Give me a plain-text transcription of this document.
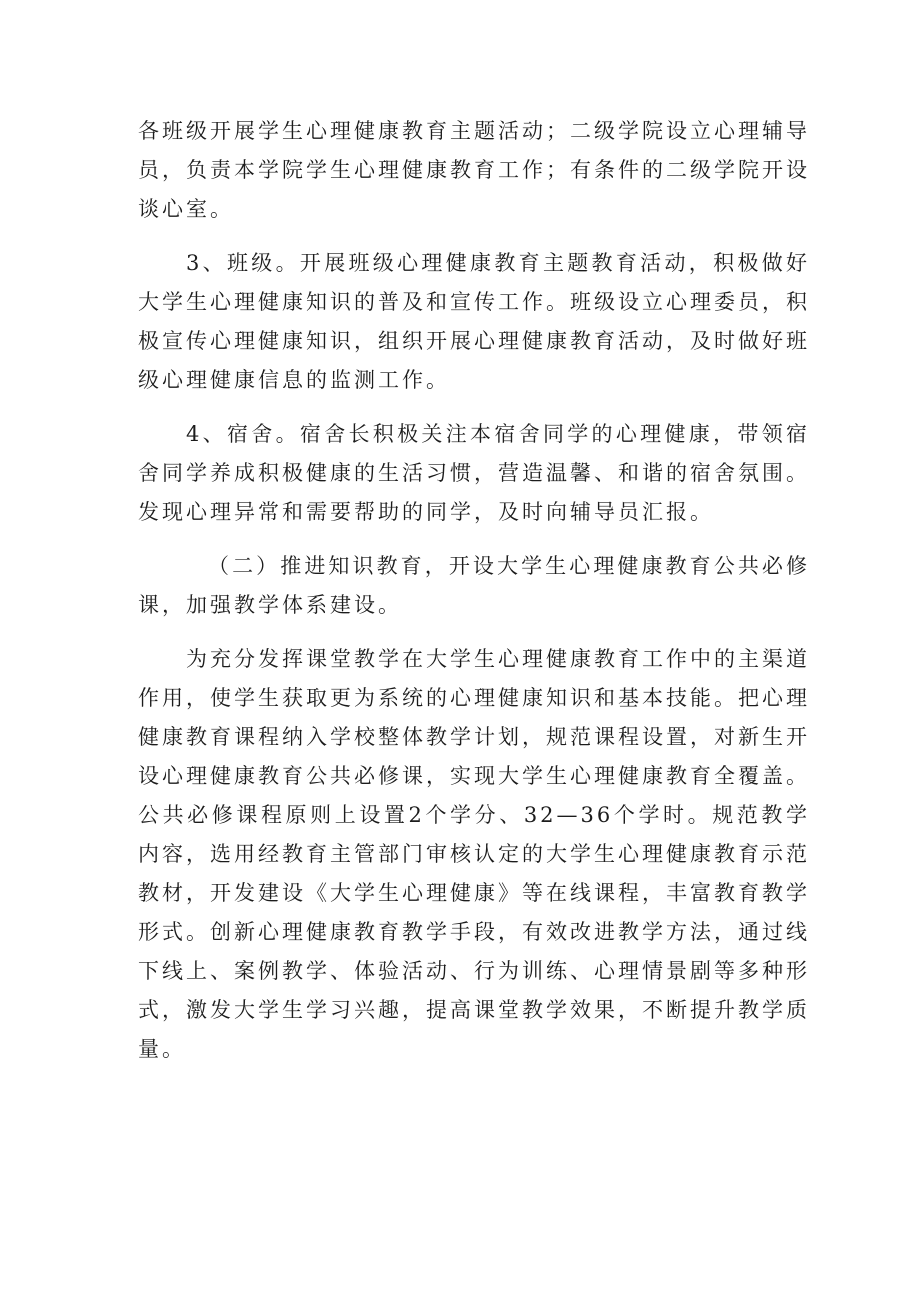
各班级开展学生心理健康教育主题活动；二级学院设立心理辅导员，负责本学院学生心理健康教育工作；有条件的二级学院开设谈心室。

3、班级。开展班级心理健康教育主题教育活动，积极做好大学生心理健康知识的普及和宣传工作。班级设立心理委员，积极宣传心理健康知识，组织开展心理健康教育活动，及时做好班级心理健康信息的监测工作。

4、宿舍。宿舍长积极关注本宿舍同学的心理健康，带领宿舍同学养成积极健康的生活习惯，营造温馨、和谐的宿舍氛围。发现心理异常和需要帮助的同学，及时向辅导员汇报。

（二）推进知识教育，开设大学生心理健康教育公共必修课，加强教学体系建设。

为充分发挥课堂教学在大学生心理健康教育工作中的主渠道作用，使学生获取更为系统的心理健康知识和基本技能。把心理健康教育课程纳入学校整体教学计划，规范课程设置，对新生开设心理健康教育公共必修课，实现大学生心理健康教育全覆盖。公共必修课程原则上设置2个学分、32—36个学时。规范教学内容，选用经教育主管部门审核认定的大学生心理健康教育示范教材，开发建设《大学生心理健康》等在线课程，丰富教育教学形式。创新心理健康教育教学手段，有效改进教学方法，通过线下线上、案例教学、体验活动、行为训练、心理情景剧等多种形式，激发大学生学习兴趣，提高课堂教学效果，不断提升教学质量。
